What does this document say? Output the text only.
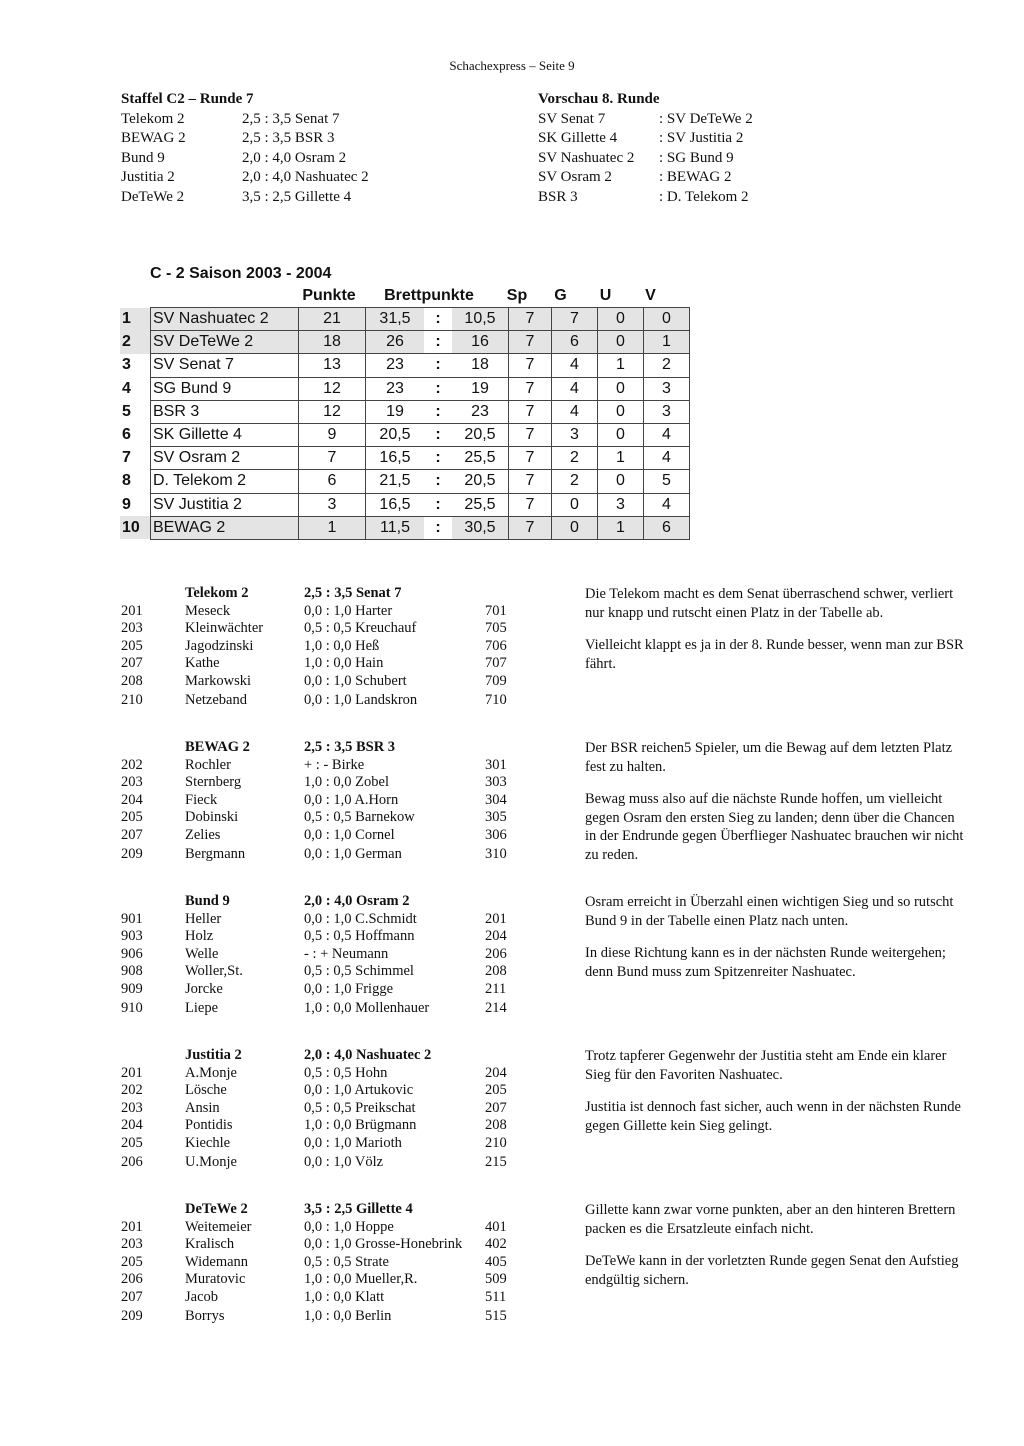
Schachexpress – Seite 9
Staffel C2 – Runde 7
Telekom 2	2,5 : 3,5 Senat 7
BEWAG 2	2,5 : 3,5 BSR 3
Bund 9	2,0 : 4,0 Osram 2
Justitia 2	2,0 : 4,0 Nashuatec 2
DeTeWe 2	3,5 : 2,5 Gillette 4
Vorschau 8. Runde
SV Senat 7	: SV DeTeWe 2
SK Gillette 4	: SV Justitia 2
SV Nashuatec 2 : SG Bund 9
SV Osram 2	: BEWAG 2
BSR 3	: D. Telekom 2
C - 2 Saison 2003 - 2004
Punkte	Brettpunkte	Sp	G	U	V
1	SV Nashuatec 2	21	31,5	:	10,5	7	7	0	0
2	SV DeTeWe 2	18	26	:	16	7	6	0	1
3	SV Senat 7	13	23	:	18	7	4	1	2
4	SG Bund 9	12	23	:	19	7	4	0	3
5	BSR 3	12	19	:	23	7	4	0	3
6	SK Gillette 4	9	20,5	:	20,5	7	3	0	4
7	SV Osram 2	7	16,5	:	25,5	7	2	1	4
8	D. Telekom 2	6	21,5	:	20,5	7	2	0	5
9	SV Justitia 2	3	16,5	:	25,5	7	0	3	4
10	BEWAG 2	1	11,5	:	30,5	7	0	1	6
Telekom 2	2,5 : 3,5 Senat 7
201	Meseck	0,0 : 1,0 Harter	701
203	Kleinwächter	0,5 : 0,5 Kreuchauf	705
205	Jagodzinski	1,0 : 0,0 Heß	706
207	Kathe	1,0 : 0,0 Hain	707
208	Markowski	0,0 : 1,0 Schubert	709
210	Netzeband	0,0 : 1,0 Landskron	710

Die Telekom macht es dem Senat überraschend schwer, verliert nur knapp und rutscht einen Platz in der Tabelle ab.

Vielleicht klappt es ja in der 8. Runde besser, wenn man zur BSR fährt.

BEWAG 2	2,5 : 3,5 BSR 3
202	Rochler	+ : - Birke	301
203	Sternberg	1,0 : 0,0 Zobel	303
204	Fieck	0,0 : 1,0 A.Horn	304
205	Dobinski	0,5 : 0,5 Barnekow	305
207	Zelies	0,0 : 1,0 Cornel	306
209	Bergmann	0,0 : 1,0 German	310

Der BSR reichen5 Spieler, um die Bewag auf dem letzten Platz fest zu halten.

Bewag muss also auf die nächste Runde hoffen, um vielleicht gegen Osram den ersten Sieg zu landen; denn über die Chancen in der Endrunde gegen Überflieger Nashuatec brauchen wir nicht zu reden.

Bund 9	2,0 : 4,0 Osram 2
901	Heller	0,0 : 1,0 C.Schmidt	201
903	Holz	0,5 : 0,5 Hoffmann	204
906	Welle	- : + Neumann	206
908	Woller,St.	0,5 : 0,5 Schimmel	208
909	Jorcke	0,0 : 1,0 Frigge	211
910	Liepe	1,0 : 0,0 Mollenhauer	214

Osram erreicht in Überzahl einen wichtigen Sieg und so rutscht Bund 9 in der Tabelle einen Platz nach unten.

In diese Richtung kann es in der nächsten Runde weitergehen; denn Bund muss zum Spitzenreiter Nashuatec.

Justitia 2	2,0 : 4,0 Nashuatec 2
201	A.Monje	0,5 : 0,5 Hohn	204
202	Lösche	0,0 : 1,0 Artukovic	205
203	Ansin	0,5 : 0,5 Preikschat	207
204	Pontidis	1,0 : 0,0 Brügmann	208
205	Kiechle	0,0 : 1,0 Marioth	210
206	U.Monje	0,0 : 1,0 Völz	215

Trotz tapferer Gegenwehr der Justitia steht am Ende ein klarer Sieg für den Favoriten Nashuatec.

Justitia ist dennoch fast sicher, auch wenn in der nächsten Runde gegen Gillette kein Sieg gelingt.

DeTeWe 2	3,5 : 2,5 Gillette 4
201	Weitemeier	0,0 : 1,0 Hoppe	401
203	Kralisch	0,0 : 1,0 Grosse-Honebrink 402
205	Widemann	0,5 : 0,5 Strate	405
206	Muratovic	1,0 : 0,0 Mueller,R.	509
207	Jacob	1,0 : 0,0 Klatt	511
209	Borrys	1,0 : 0,0 Berlin	515

Gillette kann zwar vorne punkten, aber an den hinteren Brettern packen es die Ersatzleute einfach nicht.

DeTeWe kann in der vorletzten Runde gegen Senat den Aufstieg endgültig sichern.
